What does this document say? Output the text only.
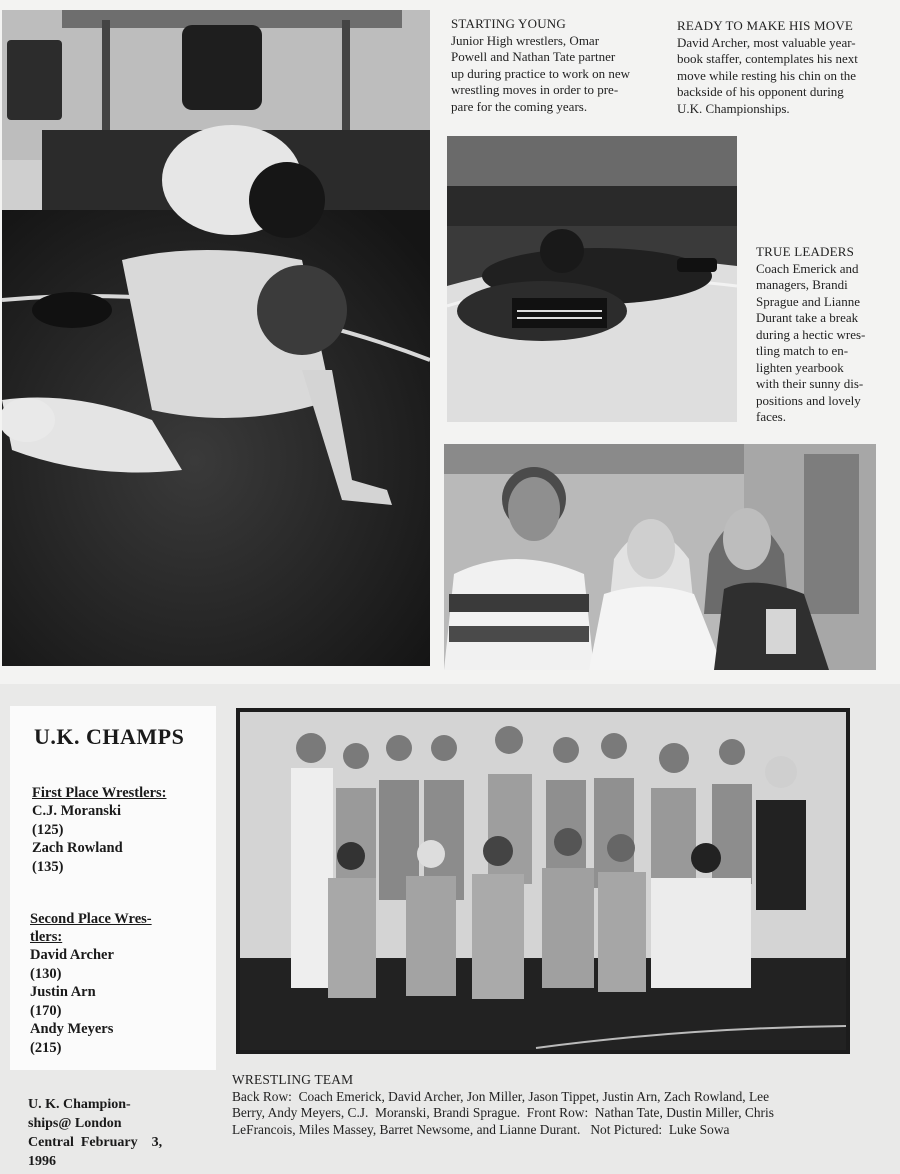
STARTING YOUNG
Junior High wrestlers, Omar
Powell and Nathan Tate partner
up during practice to work on new
wrestling moves in order to pre-
pare for the coming years.
READY TO MAKE HIS MOVE
David Archer, most valuable year-
book staffer, contemplates his next
move while resting his chin on the
backside of his opponent during
U.K. Championships.
TRUE LEADERS
Coach Emerick and
managers, Brandi
Sprague and Lianne
Durant take a break
during a hectic wres-
tling match to en-
lighten yearbook
with their sunny dis-
positions and lovely
faces.
U.K. CHAMPS
First Place Wrestlers:
C.J. Moranski
(125)
Zach Rowland
(135)
Second Place Wres-
tlers:
David Archer
(130)
Justin Arn
(170)
Andy Meyers
(215)
U. K. Champion-
ships@ London
Central  February    3,
1996
WRESTLING TEAM
Back Row:  Coach Emerick, David Archer, Jon Miller, Jason Tippet, Justin Arn, Zach Rowland, Lee
Berry, Andy Meyers, C.J.  Moranski, Brandi Sprague.  Front Row:  Nathan Tate, Dustin Miller, Chris
LeFrancois, Miles Massey, Barret Newsome, and Lianne Durant.   Not Pictured:  Luke Sowa
